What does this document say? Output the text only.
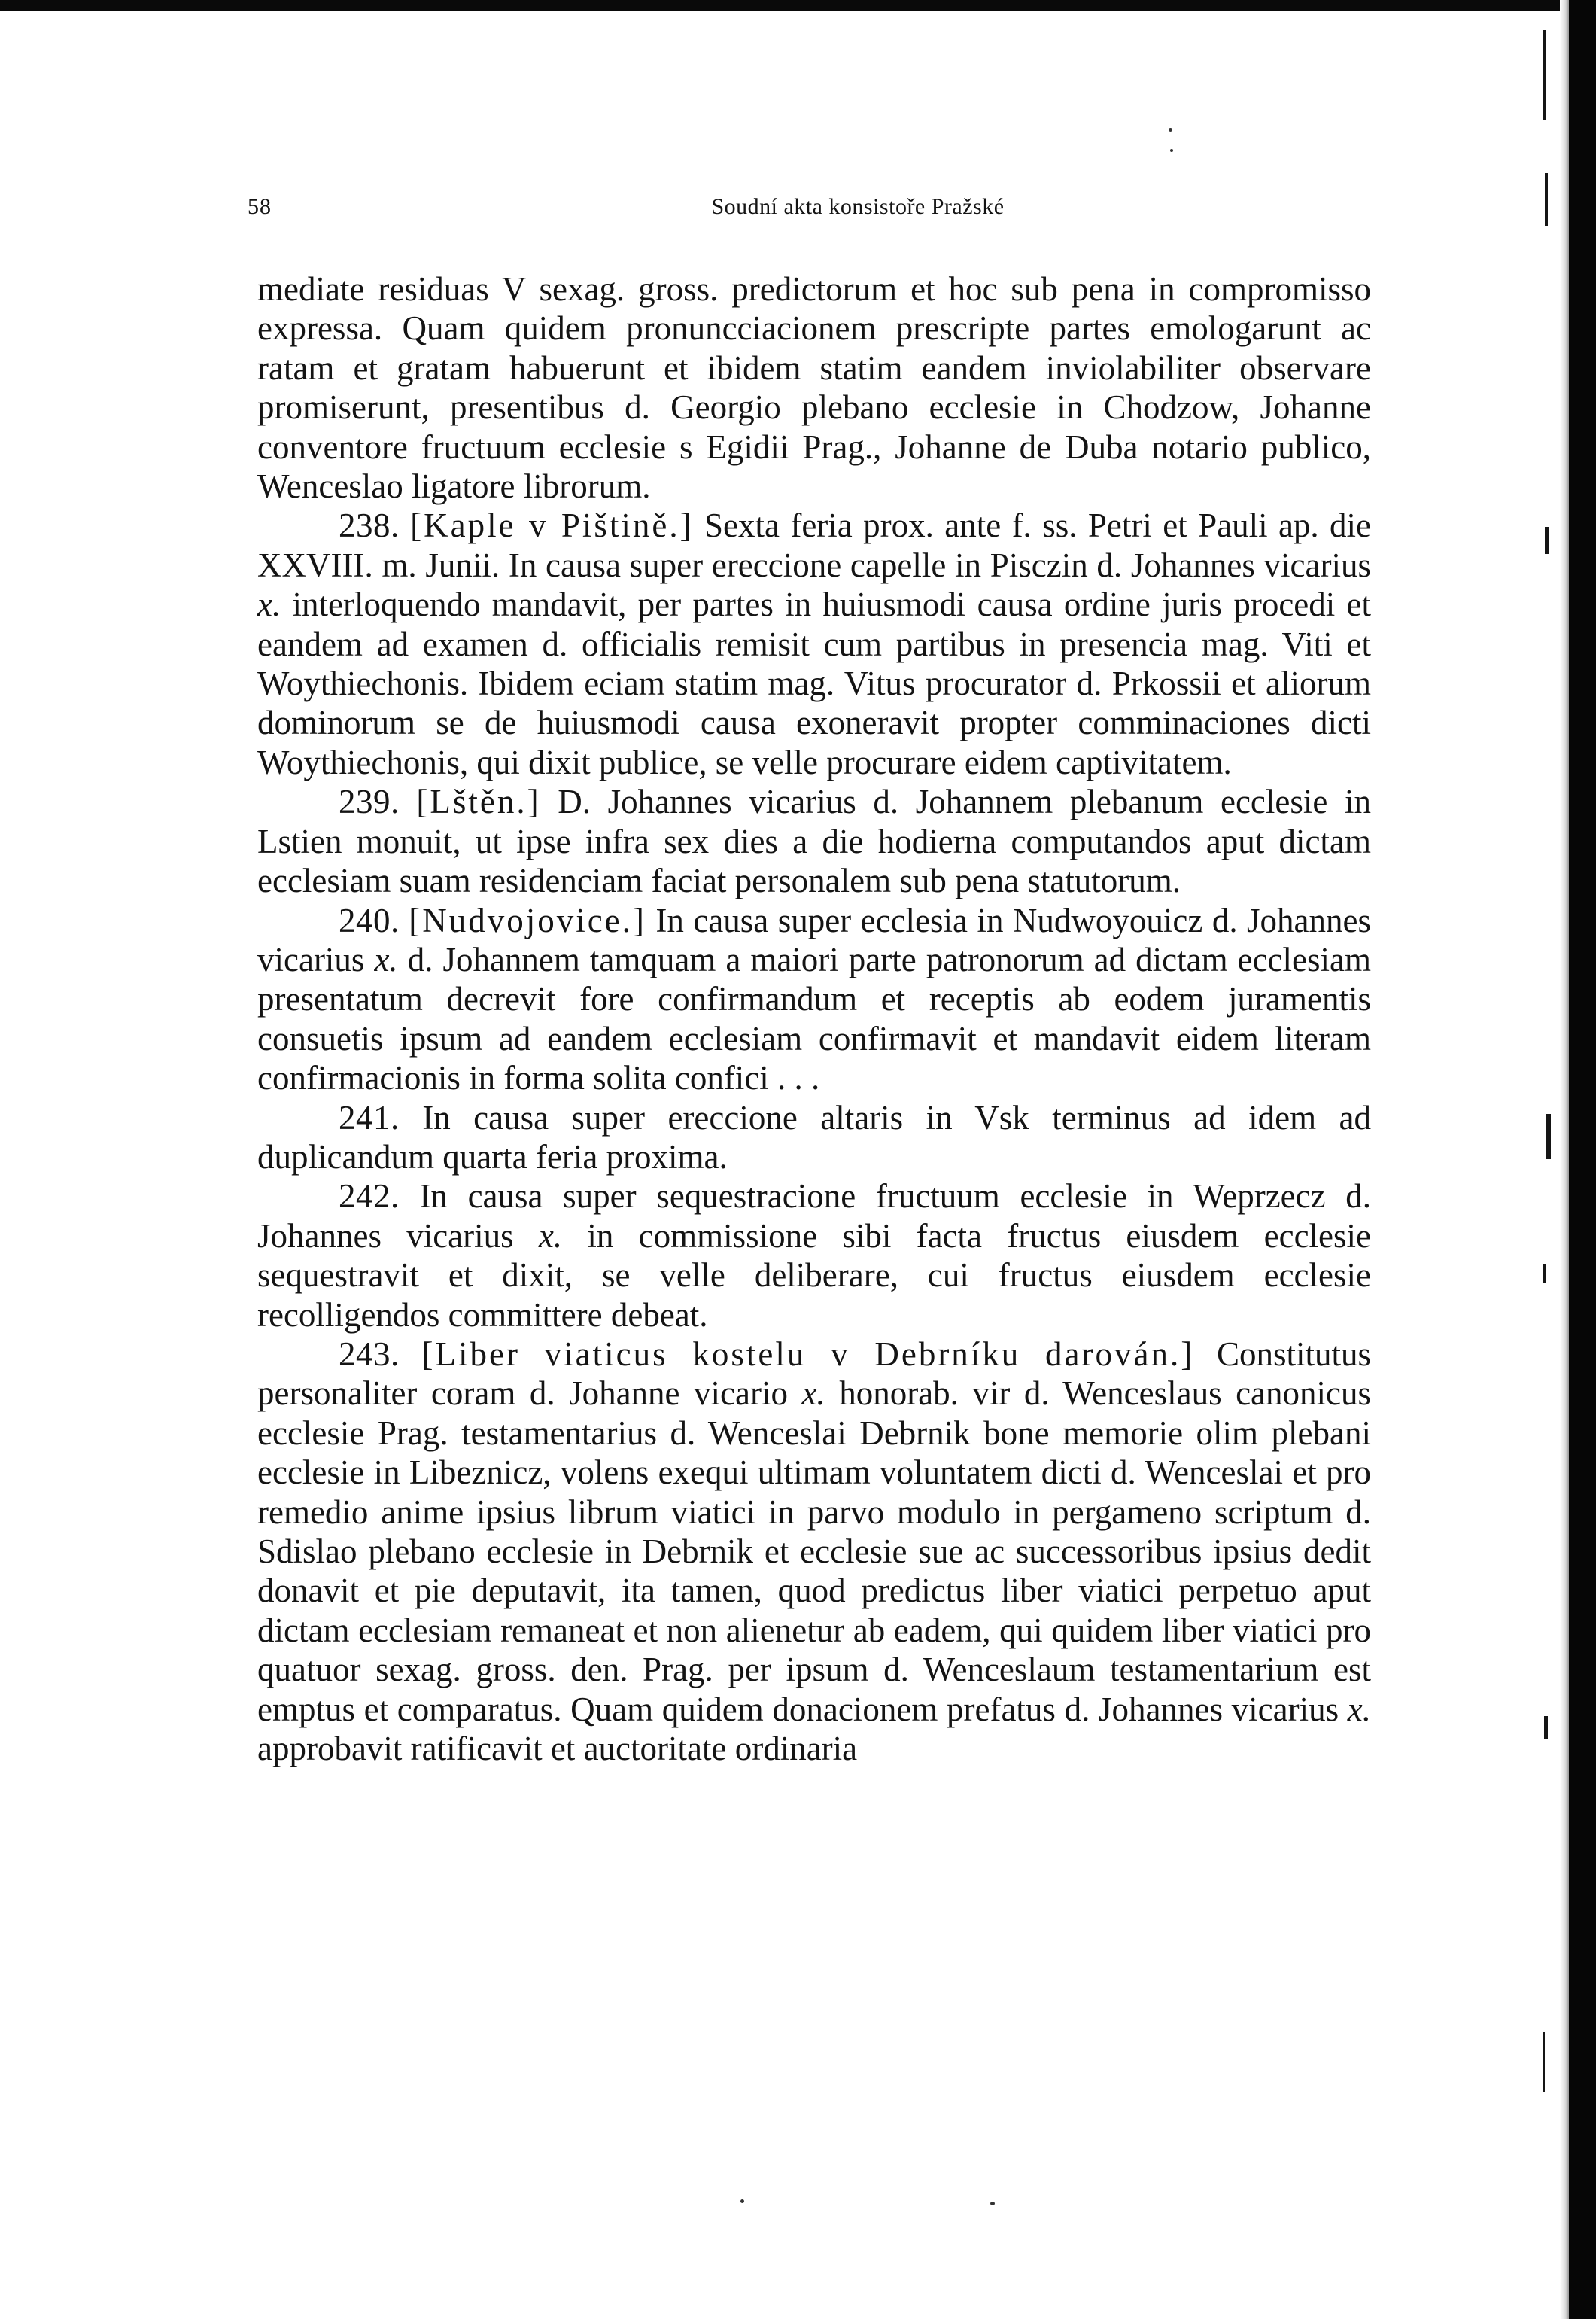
58	Soudní akta konsistoře Pražské

mediate residuas V sexag. gross. predictorum et hoc sub pena in compromisso expressa. Quam quidem pronuncciacionem prescripte partes emologarunt ac ratam et gratam habuerunt et ibidem statim eandem inviolabiliter observare promiserunt, presentibus d. Georgio plebano ecclesie in Chodzow, Johanne conventore fructuum ecclesie s Egidii Prag., Johanne de Duba notario publico, Wenceslao ligatore librorum.

238. [Kaple v Pištině.] Sexta feria prox. ante f. ss. Petri et Pauli ap. die XXVIII. m. Junii. In causa super ereccione capelle in Pisczin d. Johannes vicarius x. interloquendo mandavit, per partes in huiusmodi causa ordine juris procedi et eandem ad examen d. officialis remisit cum partibus in presencia mag. Viti et Woythiechonis. Ibidem eciam statim mag. Vitus procurator d. Prkossii et aliorum dominorum se de huiusmodi causa exoneravit propter comminaciones dicti Woythiechonis, qui dixit publice, se velle procurare eidem captivitatem.

239. [Lštěn.] D. Johannes vicarius d. Johannem plebanum ecclesie in Lstien monuit, ut ipse infra sex dies a die hodierna computandos aput dictam ecclesiam suam residenciam faciat personalem sub pena statutorum.

240. [Nudvojovice.] In causa super ecclesia in Nudwoyouicz d. Johannes vicarius x. d. Johannem tamquam a maiori parte patronorum ad dictam ecclesiam presentatum decrevit fore confirmandum et receptis ab eodem juramentis consuetis ipsum ad eandem ecclesiam confirmavit et mandavit eidem literam confirmacionis in forma solita confici . . .

241. In causa super ereccione altaris in Vsk terminus ad idem ad duplicandum quarta feria proxima.

242. In causa super sequestracione fructuum ecclesie in Weprzecz d. Johannes vicarius x. in commissione sibi facta fructus eiusdem ecclesie sequestravit et dixit, se velle deliberare, cui fructus eiusdem ecclesie recolligendos committere debeat.

243. [Liber viaticus kostelu v Debrníku darován.] Constitutus personaliter coram d. Johanne vicario x. honorab. vir d. Wenceslaus canonicus ecclesie Prag. testamentarius d. Wenceslai Debrnik bone memorie olim plebani ecclesie in Libeznicz, volens exequi ultimam voluntatem dicti d. Wenceslai et pro remedio anime ipsius librum viatici in parvo modulo in pergameno scriptum d. Sdislao plebano ecclesie in Debrnik et ecclesie sue ac successoribus ipsius dedit donavit et pie deputavit, ita tamen, quod predictus liber viatici perpetuo aput dictam ecclesiam remaneat et non alienetur ab eadem, qui quidem liber viatici pro quatuor sexag. gross. den. Prag. per ipsum d. Wenceslaum testamentarium est emptus et comparatus. Quam quidem donacionem prefatus d. Johannes vicarius x. approbavit ratificavit et auctoritate ordinaria
